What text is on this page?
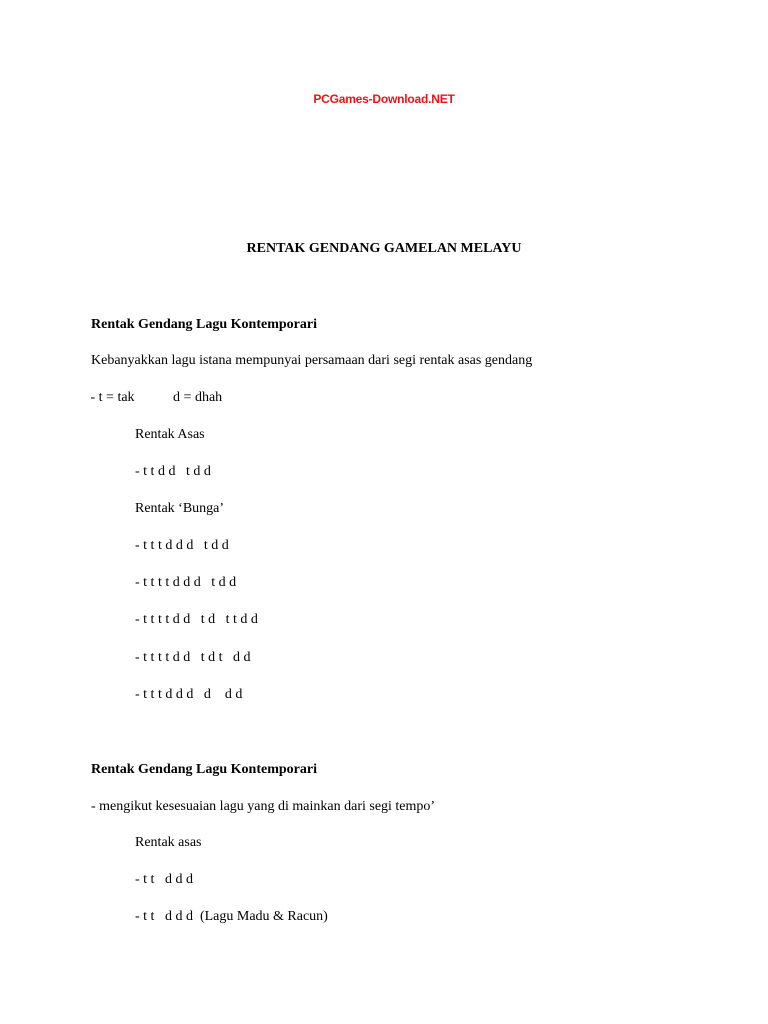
PCGames-Download.NET
RENTAK GENDANG GAMELAN MELAYU
Rentak Gendang Lagu Kontemporari
Kebanyakkan lagu istana mempunyai persamaan dari segi rentak asas gendang
- t = tak           d = dhah
Rentak Asas
- t t d d   t d d
Rentak ‘Bunga’
- t t t d d d   t d d
- t t t t d d d   t d d
- t t t t d d   t d   t t d d
- t t t t d d   t d t   d d
- t t t d d d   d    d d
Rentak Gendang Lagu Kontemporari
- mengikut kesesuaian lagu yang di mainkan dari segi tempo’
Rentak asas
- t t   d d d
- t t   d d d  (Lagu Madu & Racun)
